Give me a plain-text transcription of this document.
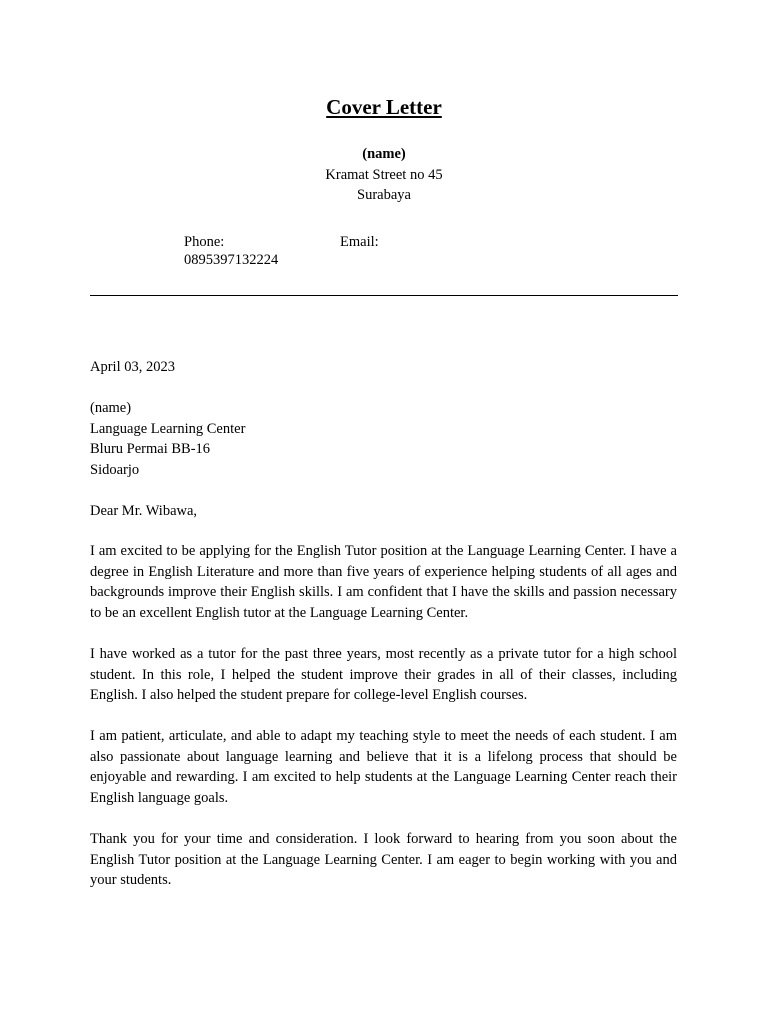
Cover Letter
(name)
Kramat Street no 45
Surabaya
Phone:
0895397132224
Email:
April 03, 2023
(name)
Language Learning Center
Bluru Permai BB-16
Sidoarjo
Dear Mr. Wibawa,
I am excited to be applying for the English Tutor position at the Language Learning Center. I have a degree in English Literature and more than five years of experience helping students of all ages and backgrounds improve their English skills. I am confident that I have the skills and passion necessary to be an excellent English tutor at the Language Learning Center.
I have worked as a tutor for the past three years, most recently as a private tutor for a high school student. In this role, I helped the student improve their grades in all of their classes, including English. I also helped the student prepare for college-level English courses.
I am patient, articulate, and able to adapt my teaching style to meet the needs of each student. I am also passionate about language learning and believe that it is a lifelong process that should be enjoyable and rewarding. I am excited to help students at the Language Learning Center reach their English language goals.
Thank you for your time and consideration. I look forward to hearing from you soon about the English Tutor position at the Language Learning Center. I am eager to begin working with you and your students.
